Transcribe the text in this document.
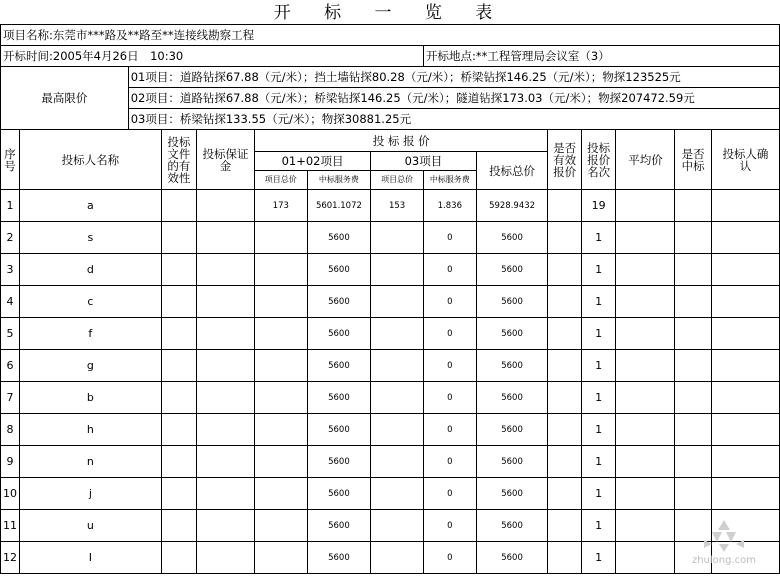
开 标 一 览 表
项目名称:东莞市***路及**路至**连接线勘察工程														
开标时间:2005年4月26日　10:30								开标地点:**工程管理局会议室（3）						
最高限价		01项目：道路钻探67.88（元/米）；挡土墙钻探80.28（元/米）；桥梁钻探146.25（元/米）；物探123525元												
		02项目：道路钻探67.88（元/米）；桥梁钻探146.25（元/米）；隧道钻探173.03（元/米）；物探207472.59元												
		03项目：桥梁钻探133.55（元/米）；物探30881.25元												
序号	投标人名称		投标文件的有效性	投标保证金	投 标 报 价					是否有效报价	投标报价名次	平均价	是否中标	投标人确认
					01+02项目		03项目		投标总价					
					项目总价	中标服务费	项目总价	中标服务费						
1	a				173	5601.1072	153	1.836	5928.9432		19			
2	s					5600		0	5600		1			
3	d					5600		0	5600		1			
4	c					5600		0	5600		1			
5	f					5600		0	5600		1			
6	g					5600		0	5600		1			
7	b					5600		0	5600		1			
8	h					5600		0	5600		1			
9	n					5600		0	5600		1			
10	j					5600		0	5600		1			
11	u					5600		0	5600		1			
12	I					5600		0	5600		1				zhulong.com
